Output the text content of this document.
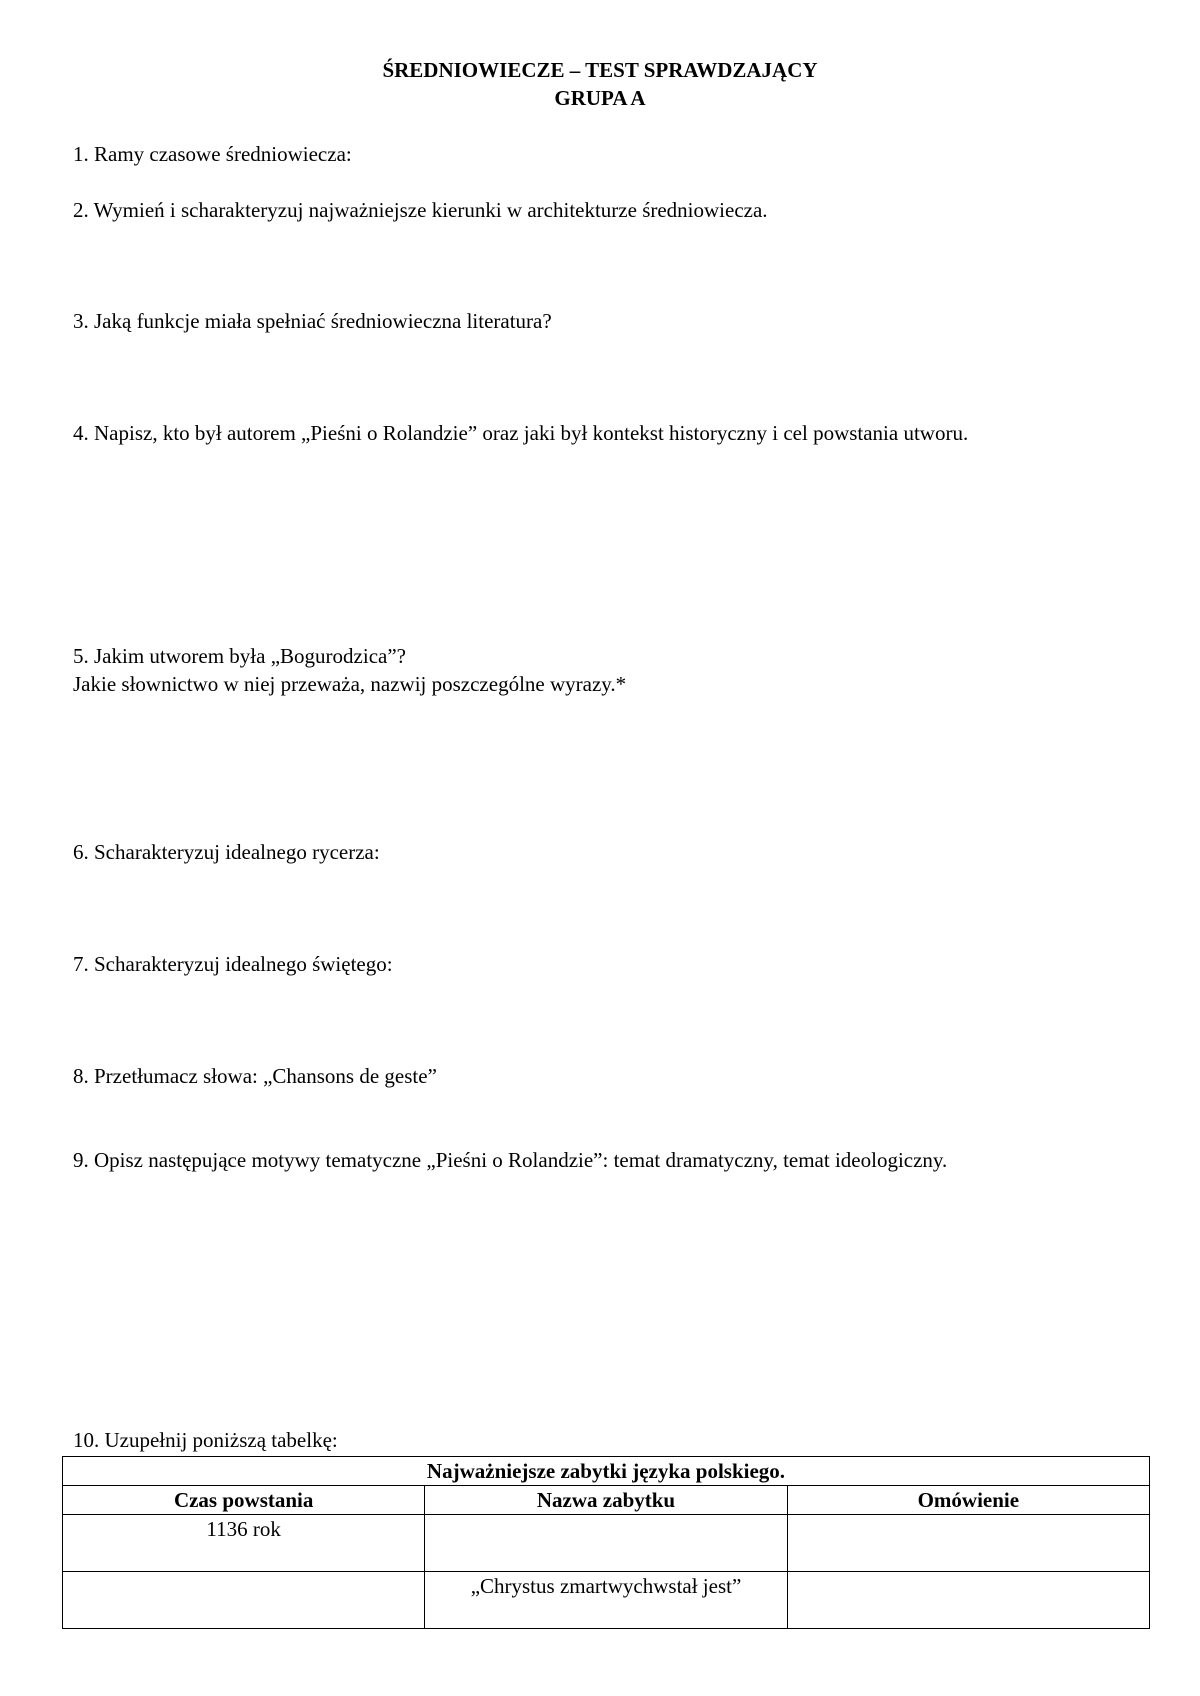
ŚREDNIOWIECZE – TEST SPRAWDZAJĄCY
GRUPA A
1. Ramy czasowe średniowiecza:
2. Wymień i scharakteryzuj najważniejsze kierunki w architekturze średniowiecza.
3. Jaką funkcje miała spełniać średniowieczna literatura?
4. Napisz, kto był autorem „Pieśni o Rolandzie” oraz jaki był kontekst historyczny i cel powstania utworu.
5. Jakim utworem była „Bogurodzica”?
Jakie słownictwo w niej przeważa, nazwij poszczególne wyrazy.*
6. Scharakteryzuj idealnego rycerza:
7. Scharakteryzuj idealnego świętego:
8. Przetłumacz słowa: „Chansons de geste”
9. Opisz następujące motywy tematyczne „Pieśni o Rolandzie”: temat dramatyczny, temat ideologiczny.
10. Uzupełnij poniższą tabelkę:
Najważniejsze zabytki języka polskiego.		
Czas powstania	Nazwa zabytku	Omówienie
1136 rok		
	„Chrystus zmartwychwstał jest”	
